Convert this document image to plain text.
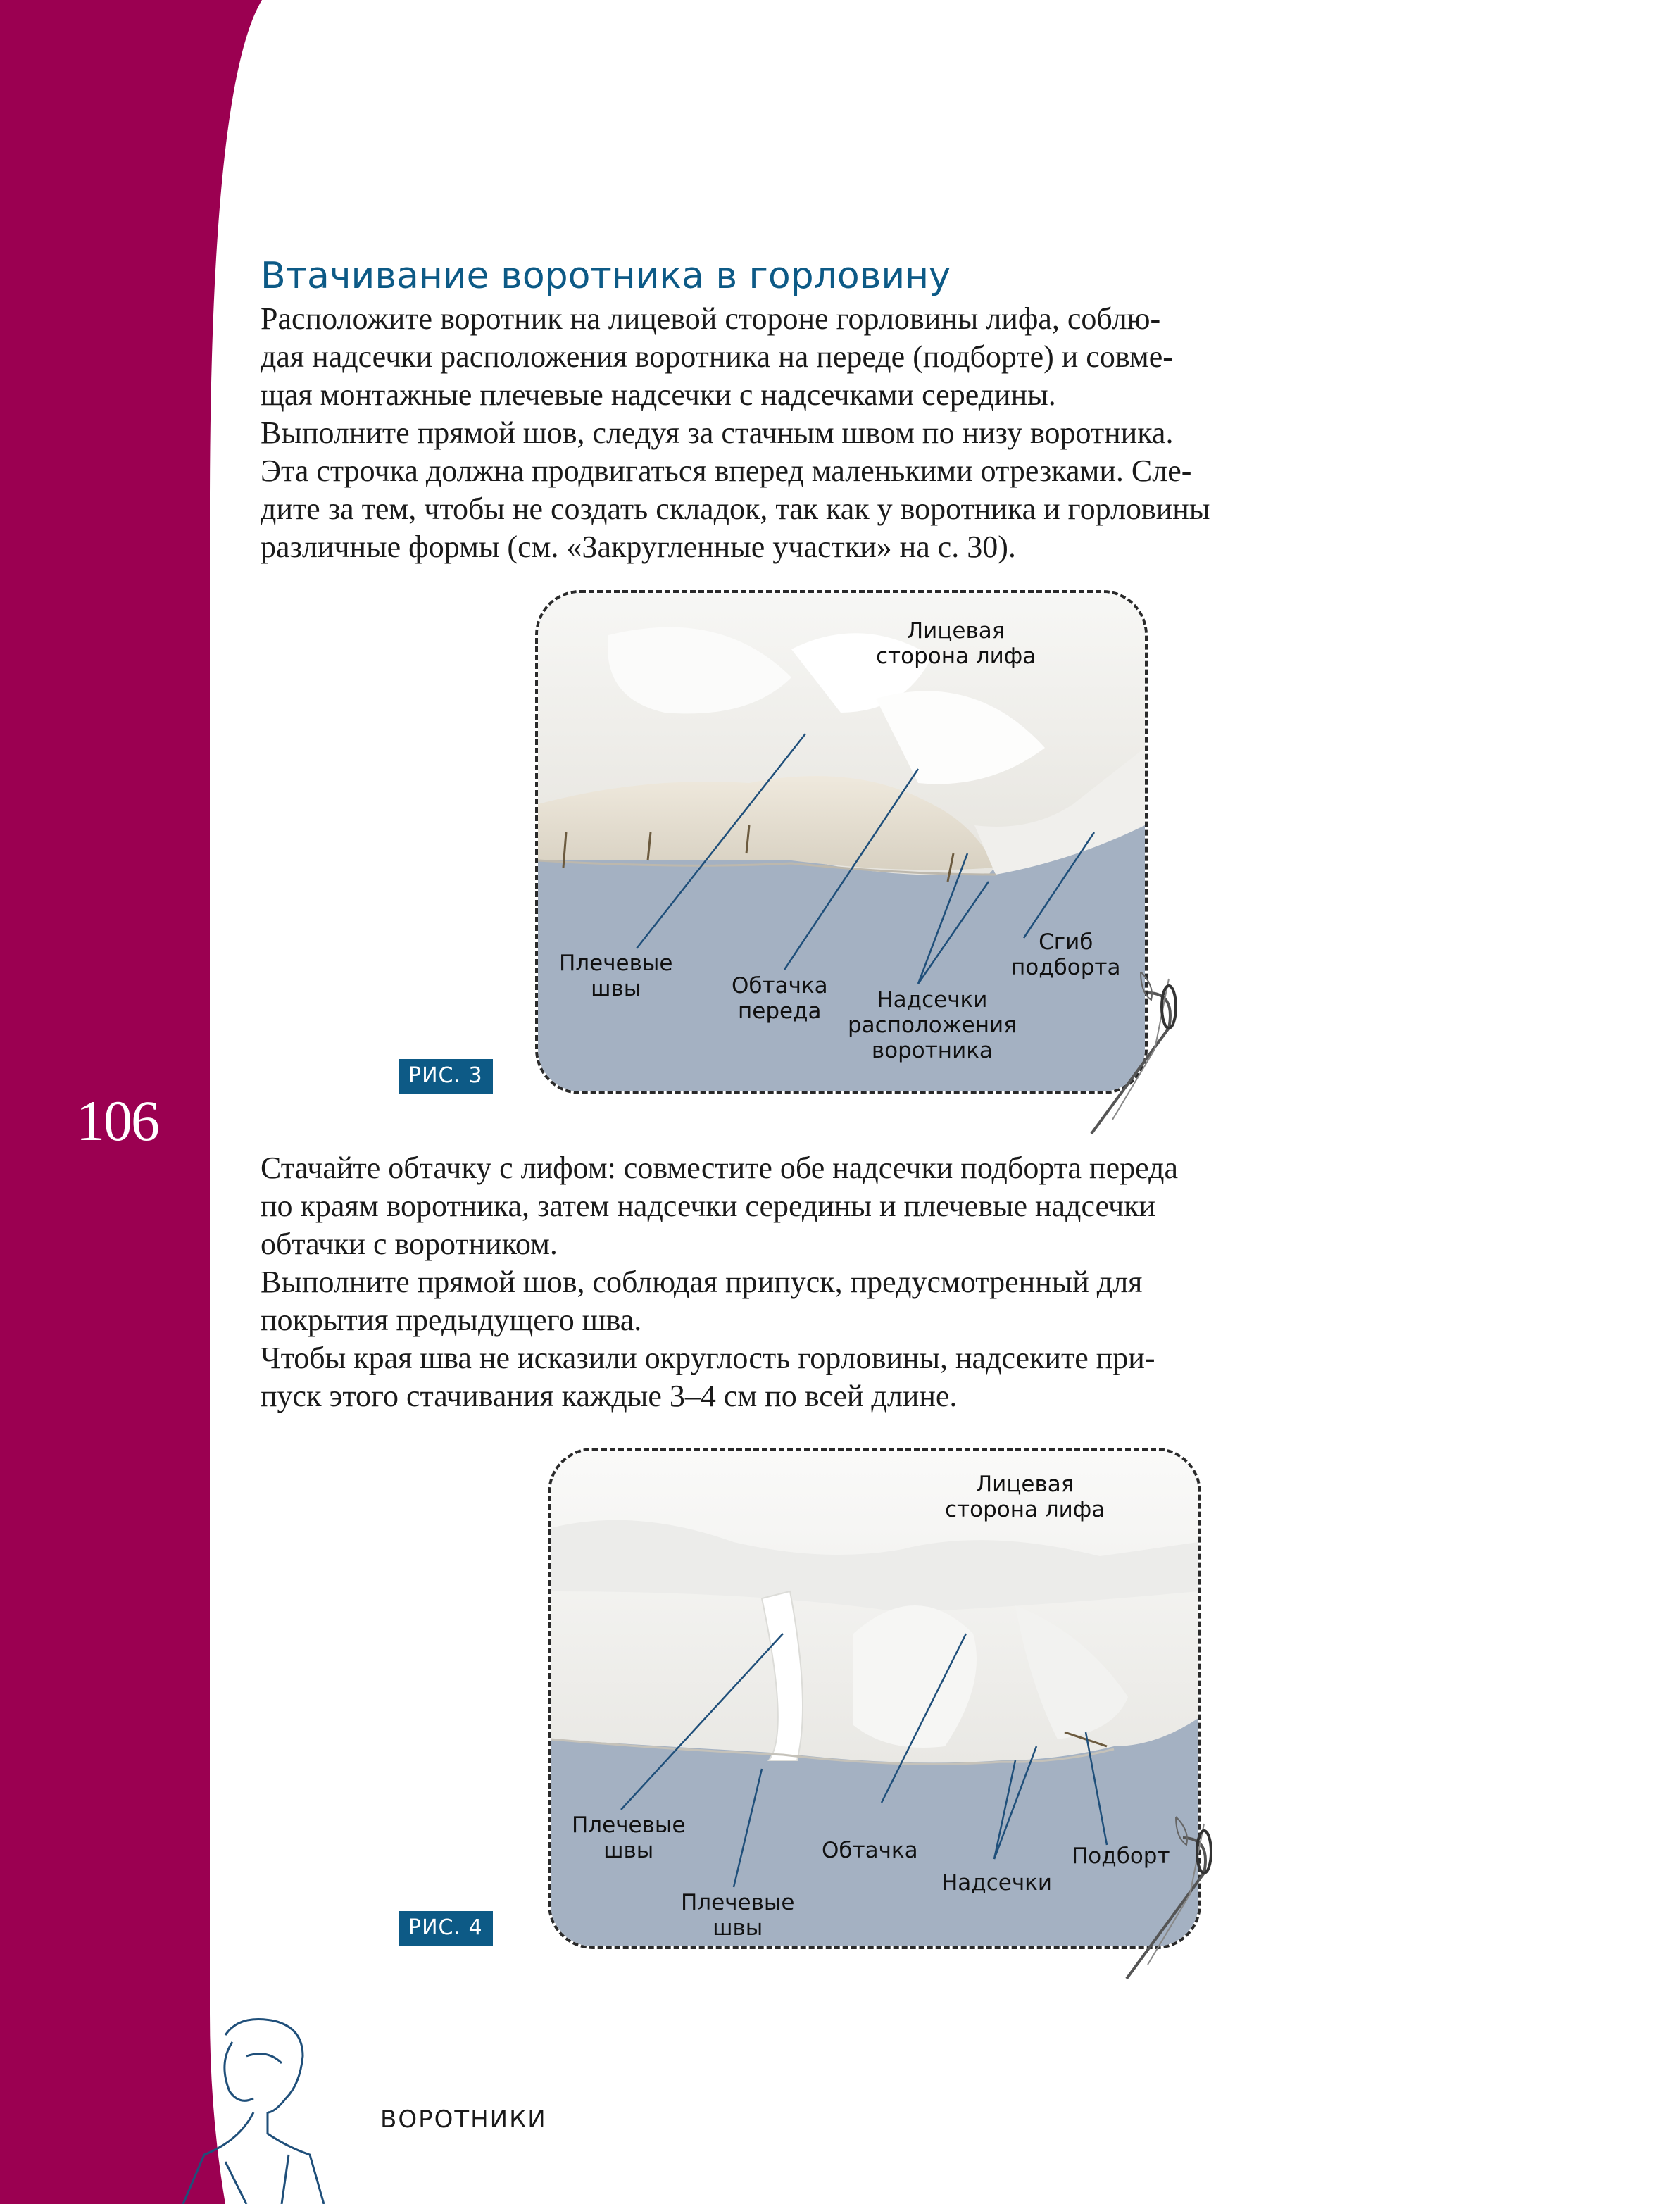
106
Втачивание воротника в горловину

Расположите воротник на лицевой стороне горловины лифа, соблю-

дая надсечки расположения воротника на переде (подборте) и совме-

щая монтажные плечевые надсечки с надсечками середины.

Выполните прямой шов, следуя за стачным швом по низу воротника.

Эта строчка должна продвигаться вперед маленькими отрезками. Сле-

дите за тем, чтобы не создать складок, так как у воротника и горловины

различные формы (см. «Закругленные участки» на с. 30).

Лицевая
сторона лифа
Плечевые
швы	Обтачка
переда	Надсечки
расположения
воротника
Сгиб
подборта
РИС. 3

Стачайте обтачку с лифом: совместите обе надсечки подборта переда

по краям воротника, затем надсечки середины и плечевые надсечки

обтачки с воротником.

Выполните прямой шов, соблюдая припуск, предусмотренный для

покрытия предыдущего шва.

Чтобы края шва не исказили округлость горловины, надсеките при-

пуск этого стачивания каждые 3–4 см по всей длине.

Лицевая
сторона лифа
Плечевые
швы	Обтачка
Плечевые
швы
Надсечки
Подборт
РИС. 4
ВОРОТНИКИ
